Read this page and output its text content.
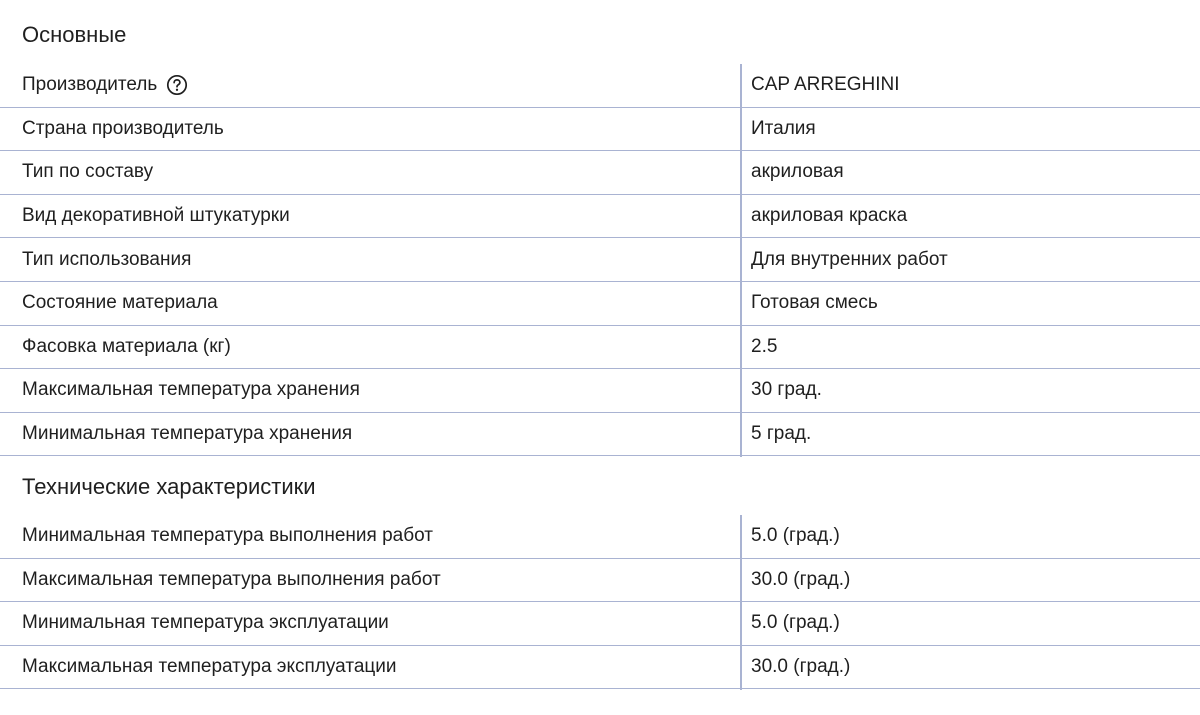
Основные
Производитель	CAP ARREGHINI
Страна производитель	Италия
Тип по составу	акриловая
Вид декоративной штукатурки	акриловая краска
Тип использования	Для внутренних работ
Состояние материала	Готовая смесь
Фасовка материала (кг)	2.5
Максимальная температура хранения	30 град.
Минимальная температура хранения	5 град.
Технические характеристики
Минимальная температура выполнения работ	5.0 (град.)
Максимальная температура выполнения работ	30.0 (град.)
Минимальная температура эксплуатации	5.0 (град.)
Максимальная температура эксплуатации	30.0 (град.)
